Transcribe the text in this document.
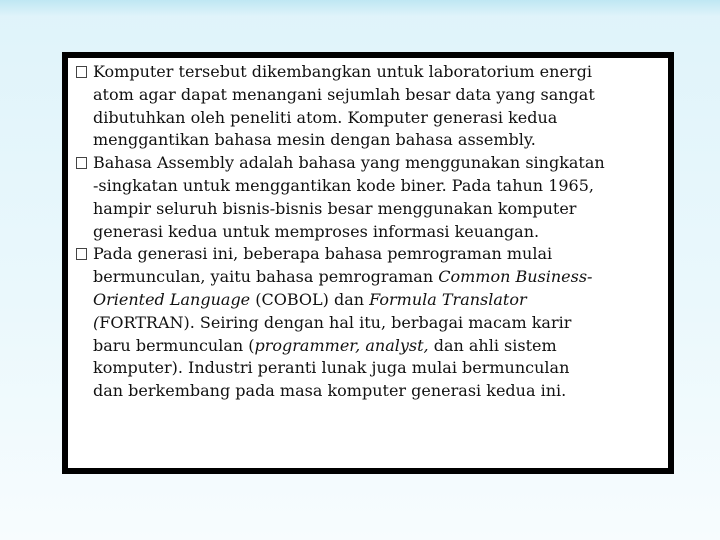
Komputer tersebut dikembangkan untuk laboratorium energi
atom agar dapat menangani sejumlah besar data yang sangat
dibutuhkan oleh peneliti atom. Komputer generasi kedua
menggantikan bahasa mesin dengan bahasa assembly.
Bahasa Assembly adalah bahasa yang menggunakan singkatan
-singkatan untuk menggantikan kode biner. Pada tahun 1965,
hampir seluruh bisnis-bisnis besar menggunakan komputer
generasi kedua untuk memproses informasi keuangan.
Pada generasi ini, beberapa bahasa pemrograman mulai
bermunculan, yaitu bahasa pemrograman Common Business-
Oriented Language (COBOL) dan Formula Translator
(FORTRAN). Seiring dengan hal itu, berbagai macam karir
baru bermunculan (programmer, analyst, dan ahli sistem
komputer). Industri peranti lunak juga mulai bermunculan
dan berkembang pada masa komputer generasi kedua ini.
